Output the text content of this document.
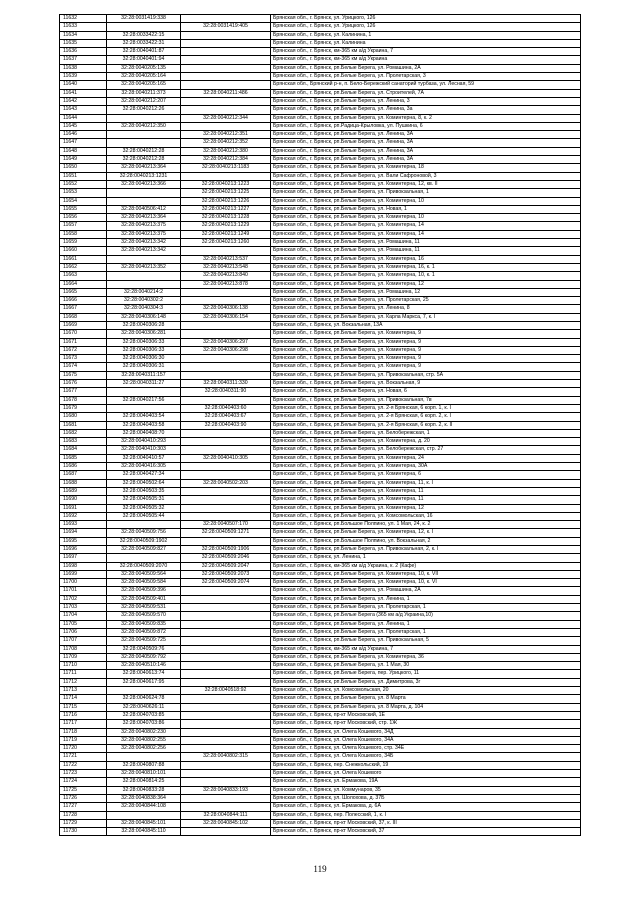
11632	32:28:0031419:338		Брянская обл., г. Брянск, ул. Урицкого, 126
11633		32:28:0031419:405	Брянская обл., г. Брянск, ул. Урицкого, 126
11634	32:28:0033422:15		Брянская обл., г. Брянск, ул. Калинина, 1
11635	32:28:0033422:31		Брянская обл., г. Брянск, ул. Калинина
11636	32:28:0040401:87		Брянская обл., г. Брянск, км-365 км а/д Украина, 7
11637	32:28:0040401:94		Брянская обл., г. Брянск, км-365 км а/д Украина
11638	32:28:0040205:135		Брянская обл., г. Брянск, рп.Белые Берега, ул. Ромашина, 2А
11639	32:28:0040205:164		Брянская обл., г. Брянск, рп.Белые Берега, ул. Пролетарская, 3
11640	32:28:0040205:165		Брянская обл., Брянский р-н, п. Бело-Бережский санаторий турбаза, ул. Лесная, 59
11641	32:28:0040211:373	32:28:0040211:486	Брянская обл., г. Брянск, рп.Белые Берега, ул. Строителей, 7А
11642	32:28:0040212:207		Брянская обл., г. Брянск, рп.Белые Берега, ул. Ленина, 3
11643	32:28:0040212:26		Брянская обл., г. Брянск, рп.Белые Берега, ул. Ленина, 3а
11644		32:28:0040212:344	Брянская обл., г. Брянск, рп.Белые Берега, ул. Коминтерна, 8, к. 2
11645	32:28:0040212:350		Брянская обл., г. Брянск, рп.Радица-Крыловка, ул. Пушкина, 6
11646		32:28:0040212:351	Брянская обл., г. Брянск, рп.Белые Берега, ул. Ленина, 3А
11647		32:28:0040212:352	Брянская обл., г. Брянск, рп.Белые Берега, ул. Ленина, 3А
11648	32:28:0040212:28	32:28:0040212:380	Брянская обл., г. Брянск, рп.Белые Берега, ул. Ленина, 3А
11649	32:28:0040212:28	32:28:0040212:384	Брянская обл., г. Брянск, рп.Белые Берега, ул. Ленина, 3А
11650	32:28:0040213:364	32:28:0040213:1183	Брянская обл., г. Брянск, рп.Белые Берега, ул. Коминтерна, 18
11651	32:28:0040213:1231		Брянская обл., г. Брянск, рп.Белые Берега, ул. Вали Сафроновой, 3
11652	32:28:0040213:366	32:28:0040213:1223	Брянская обл., г. Брянск, рп.Белые Берега, ул. Коминтерна, 12, кв. II
11653		32:28:0040213:1225	Брянская обл., г. Брянск, рп.Белые Берега, ул. Привокзальная, 1
11654		32:28:0040213:1226	Брянская обл., г. Брянск, рп.Белые Берега, ул. Коминтерна, 10
11655	32:28:0040506:412	32:28:0040213:1227	Брянская обл., г. Брянск, рп.Белые Берега, ул. Новая, 1
11656	32:28:0040213:364	32:28:0040213:1228	Брянская обл., г. Брянск, рп.Белые Берега, ул. Коминтерна, 10
11657	32:28:0040213:375	32:28:0040213:1229	Брянская обл., г. Брянск, рп.Белые Берега, ул. Коминтерна, 14
11658	32:28:0040213:375	32:28:0040213:1249	Брянская обл., г. Брянск, рп.Белые Берега, ул. Коминтерна, 14
11659	32:28:0040213:342	32:28:0040213:1260	Брянская обл., г. Брянск, рп.Белые Берега, ул. Ромашина, 11
11660	32:28:0040213:342		Брянская обл., г. Брянск, рп.Белые Берега, ул. Ромашина, 11
11661		32:28:0040213:537	Брянская обл., г. Брянск, рп.Белые Берега, ул. Коминтерна, 16
11662	32:28:0040213:352	32:28:0040213:548	Брянская обл., г. Брянск, рп.Белые Берега, ул. Коминтерна, 16, к. 1
11663		32:28:0040213:840	Брянская обл., г. Брянск, рп.Белые Берега, ул. Коминтерна, 10, к. 1
11664		32:28:0040213:878	Брянская обл., г. Брянск, рп.Белые Берега, ул. Коминтерна, 12
11665	32:28:0040214:2		Брянская обл., г. Брянск, рп.Белые Берега, ул. Ромашина, 12
11666	32:28:0040302:2		Брянская обл., г. Брянск, рп.Белые Берега, ул. Пролетарская, 25
11667	32:28:0040304:3	32:28:0040306:138	Брянская обл., г. Брянск, рп.Белые Берега, ул. Ленина, 8
11668	32:28:0040306:148	32:28:0040306:154	Брянская обл., г. Брянск, рп.Белые Берега, ул. Карла Маркса, 7, к. I
11669	32:28:0040306:28		Брянская обл., г. Брянск, ул. Вокзальная, 13А
11670	32:28:0040306:281		Брянская обл., г. Брянск, рп.Белые Берега, ул. Коминтерна, 9
11671	32:28:0040306:33	32:28:0040306:297	Брянская обл., г. Брянск, рп.Белые Берега, ул. Коминтерна, 9
11672	32:28:0040306:33	32:28:0040306:298	Брянская обл., г. Брянск, рп.Белые Берега, ул. Коминтерна, 9
11673	32:28:0040306:30		Брянская обл., г. Брянск, рп.Белые Берега, ул. Коминтерна, 9
11674	32:28:0040306:31		Брянская обл., г. Брянск, рп.Белые Берега, ул. Коминтерна, 9
11675	32:28:0040311:157		Брянская обл., г. Брянск, рп.Белые Берега, ул. Привокзальная, стр. 5А
11676	32:28:0040311:27	32:28:0040311:330	Брянская обл., г. Брянск, рп.Белые Берега, ул. Вокзальная, 9
11677		32:28:0040311:90	Брянская обл., г. Брянск, рп.Белые Берега, ул. Новая, 6
11678	32:28:0040217:56		Брянская обл., г. Брянск, рп.Белые Берега, ул. Привокзальная, 7в
11679		32:28:0040403:60	Брянская обл., г. Брянск, рп.Белые Берега, ул. 2-я Брянская, 6 корп. 1, к. I
11680	32:28:0040403:54	32:28:0040403:67	Брянская обл., г. Брянск, рп.Белые Берега, ул. 2-я Брянская, 6 корп. 2, к. I
11681	32:28:0040403:58	32:28:0040403:90	Брянская обл., г. Брянск, рп.Белые Берега, ул. 2-я Брянская, 6 корп. 2, к. II
11682	32:28:0040408:70		Брянская обл., г. Брянск, рп.Белые Берега, ул. Белобережская, 1
11683	32:28:0040410:293		Брянская обл., г. Брянск, рп.Белые Берега, ул. Коминтерна, д. 20
11684	32:28:0040410:303		Брянская обл., г. Брянск, рп.Белые Берега, ул. Белобережская, стр. 27
11685	32:28:0040410:57	32:28:0040410:305	Брянская обл., г. Брянск, рп.Белые Берега, ул. Коминтерна, 24
11686	32:28:0040416:305		Брянская обл., г. Брянск, рп.Белые Берега, ул. Коминтерна, 30А
11687	32:28:0040427:34		Брянская обл., г. Брянск, рп.Белые Берега, ул. Коминтерна, 6
11688	32:28:0040502:64	32:28:0040502:203	Брянская обл., г. Брянск, рп.Белые Берега, ул. Коминтерна, 11, к. I
11689	32:28:0040503:35		Брянская обл., г. Брянск, рп.Белые Берега, ул. Коминтерна, 11
11690	32:28:0040505:31		Брянская обл., г. Брянск, рп.Белые Берега, ул. Коминтерна, 11
11691	32:28:0040505:32		Брянская обл., г. Брянск, рп.Белые Берега, ул. Коминтерна, 12
11692	32:28:0040505:44		Брянская обл., г. Брянск, рп.Белые Берега, ул. Комсомольская, 16
11693		32:28:0040507:170	Брянская обл., г. Брянск, рп.Большое Полпино, ул. 1 Мая, 24, к. 2
11694	32:28:0040509:756	32:28:0040509:1271	Брянская обл., г. Брянск, рп.Белые Берега, ул. Коминтерна, 12, к. I
11695	32:28:0040509:1902		Брянская обл., г. Брянск, рп.Большое Полпино, ул. Вокзальная, 2
11696	32:28:0040509:827	32:28:0040509:1906	Брянская обл., г. Брянск, рп.Белые Берега, ул. Привокзальная, 2, к. I
11697		32:28:0040509:2046	Брянская обл., г. Брянск, ул. Ленина, 1
11698	32:28:0040509:2070	32:28:0040509:2047	Брянская обл., г. Брянск, км-365 км а/д Украина, к. 2 (Кафе)
11699	32:28:0040509:564	32:28:0040509:2073	Брянская обл., г. Брянск, рп.Белые Берега, ул. Коминтерна, 10, к. VII
11700	32:28:0040509:584	32:28:0040509:2074	Брянская обл., г. Брянск, рп.Белые Берега, ул. Коминтерна, 10, к. VI
11701	32:28:0040509:396		Брянская обл., г. Брянск, рп.Белые Берега, ул. Ромашина, 2А
11702	32:28:0040509:401		Брянская обл., г. Брянск, рп.Белые Берега, ул. Ленина, 1
11703	32:28:0040509:531		Брянская обл., г. Брянск, рп.Белые Берега, ул. Пролетарская, 1
11704	32:28:0040509:570		Брянская обл., г. Брянск, рп.Белые Берега (365 км а/д Украина,10)
11705	32:28:0040509:835		Брянская обл., г. Брянск, рп.Белые Берега, ул. Ленина, 1
11706	32:28:0040509:872		Брянская обл., г. Брянск, рп.Белые Берега, ул. Пролетарская, 1
11707	32:28:0040509:725		Брянская обл., г. Брянск, рп.Белые Берега, ул. Привокзальная, 5
11708	32:28:0040509:76		Брянская обл., г. Брянск, км-365 км а/д Украина, 7
11709	32:28:0040509:792		Брянская обл., г. Брянск, рп.Белые Берега, ул. Коминтерна, 36
11710	32:28:0040510:146		Брянская обл., г. Брянск, рп.Белые Берега, ул. 1 Мая, 30
11711	32:28:0040613:74		Брянская обл., г. Брянск, рп.Белые Берега, пер. Урицкого, 11
11712	32:28:0040617:95		Брянская обл., г. Брянск, рп.Белые Берега, ул. Димитрова, 3г
11713		32:28:0040518:92	Брянская обл., г. Брянск, ул. Комсомольская, 20
11714	32:28:0040624:78		Брянская обл., г. Брянск, рп.Белые Берега, ул. 8 Марта
11715	32:28:0040626:11		Брянская обл., г. Брянск, рп.Белые Берега, ул. 8 Марта, д. 104
11716	32:28:0040703:85		Брянская обл., г. Брянск, пр-кт Московский, 1Е
11717	32:28:0040703:86		Брянская обл., г. Брянск, пр-кт Московский, стр. 1Ж
11718	32:28:0040802:230		Брянская обл., г. Брянск, ул. Олега Кошевого, 34Д
11719	32:28:0040802:255		Брянская обл., г. Брянск, ул. Олега Кошевого, 34А
11720	32:28:0040802:256		Брянская обл., г. Брянск, ул. Олега Кошевого, стр. 34Е
11721		32:28:0040802:315	Брянская обл., г. Брянск, ул. Олега Кошевого, 34Б
11722	32:28:0040807:88		Брянская обл., г. Брянск, пер. Снежкольский, 19
11723	32:28:0040810:101		Брянская обл., г. Брянск, ул. Олега Кошевого
11724	32:28:0040814:25		Брянская обл., г. Брянск, ул. Ермакова, 19А
11725	32:28:0040833:28	32:28:0040833:193	Брянская обл., г. Брянск, ул. Коммунаров, 35
11726	32:28:0040838:364		Брянская обл., г. Брянск, ул. Шолохова, д. 37Б
11727	32:28:0040844:108		Брянская обл., г. Брянск, ул. Ермакова, д. 6А
11728		32:28:0040844:111	Брянская обл., г. Брянск, пер. Полесский, 1, к. I
11729	32:28:0040845:101	32:28:0040845:102	Брянская обл., г. Брянск, пр-кт Московский, 37, к. III
11730	32:28:0040845:110		Брянская обл., г. Брянск, пр-кт Московский, 37
119
